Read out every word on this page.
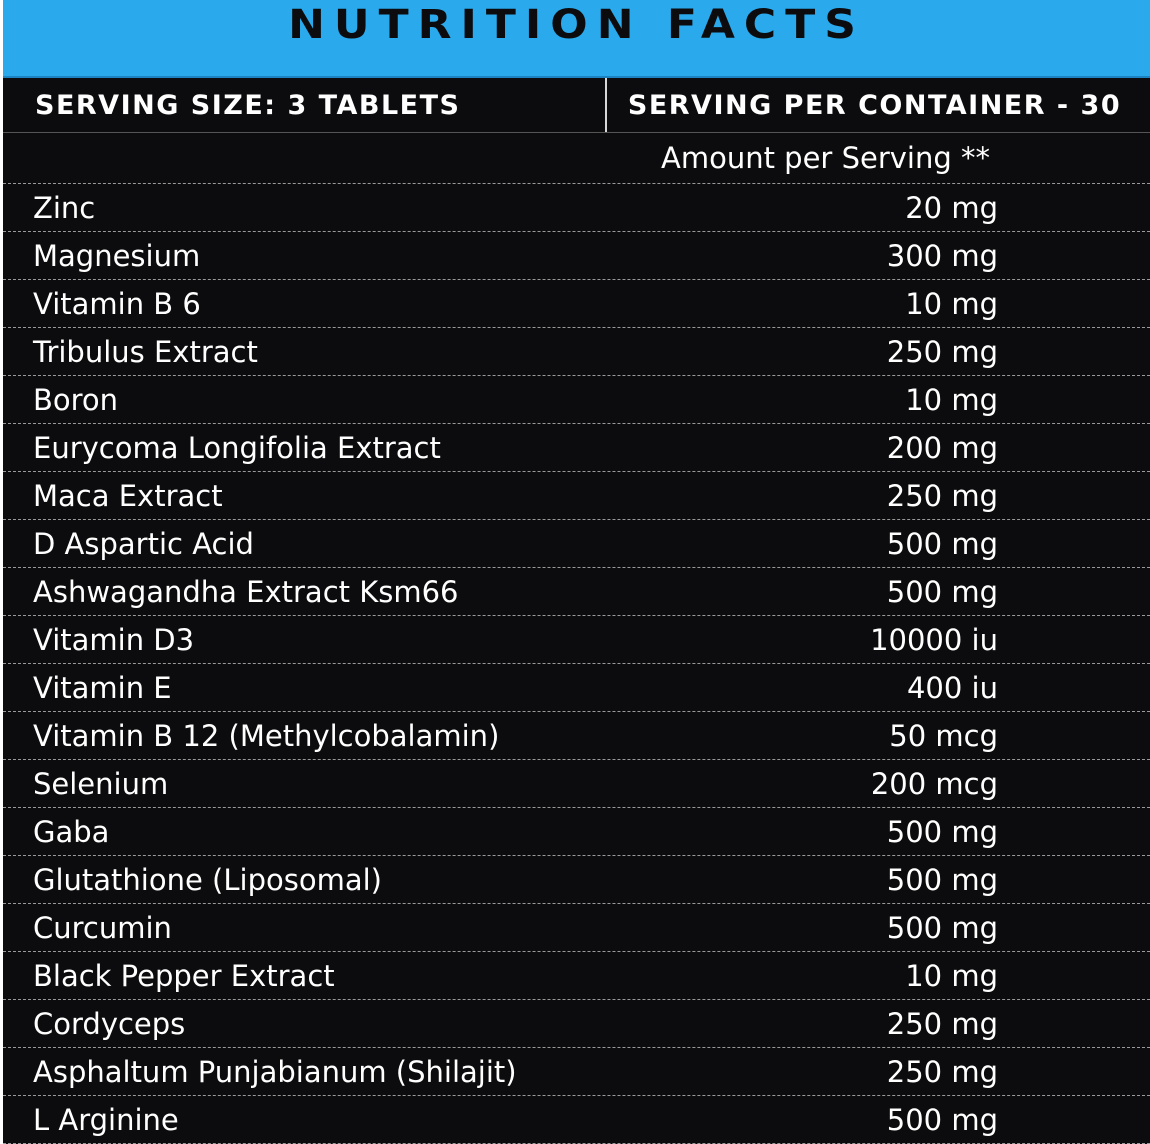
NUTRITION FACTS
SERVING SIZE: 3 TABLETS	SERVING PER CONTAINER - 30
Amount per Serving **
Zinc	20 mg
Magnesium	300 mg
Vitamin B 6	10 mg
Tribulus Extract	250 mg
Boron	10 mg
Eurycoma Longifolia Extract	200 mg
Maca Extract	250 mg
D Aspartic Acid	500 mg
Ashwagandha Extract Ksm66	500 mg
Vitamin D3	10000 iu
Vitamin E	400 iu
Vitamin B 12 (Methylcobalamin)	50 mcg
Selenium	200 mcg
Gaba	500 mg
Glutathione (Liposomal)	500 mg
Curcumin	500 mg
Black Pepper Extract	10 mg
Cordyceps	250 mg
Asphaltum Punjabianum (Shilajit)	250 mg
L Arginine	500 mg
